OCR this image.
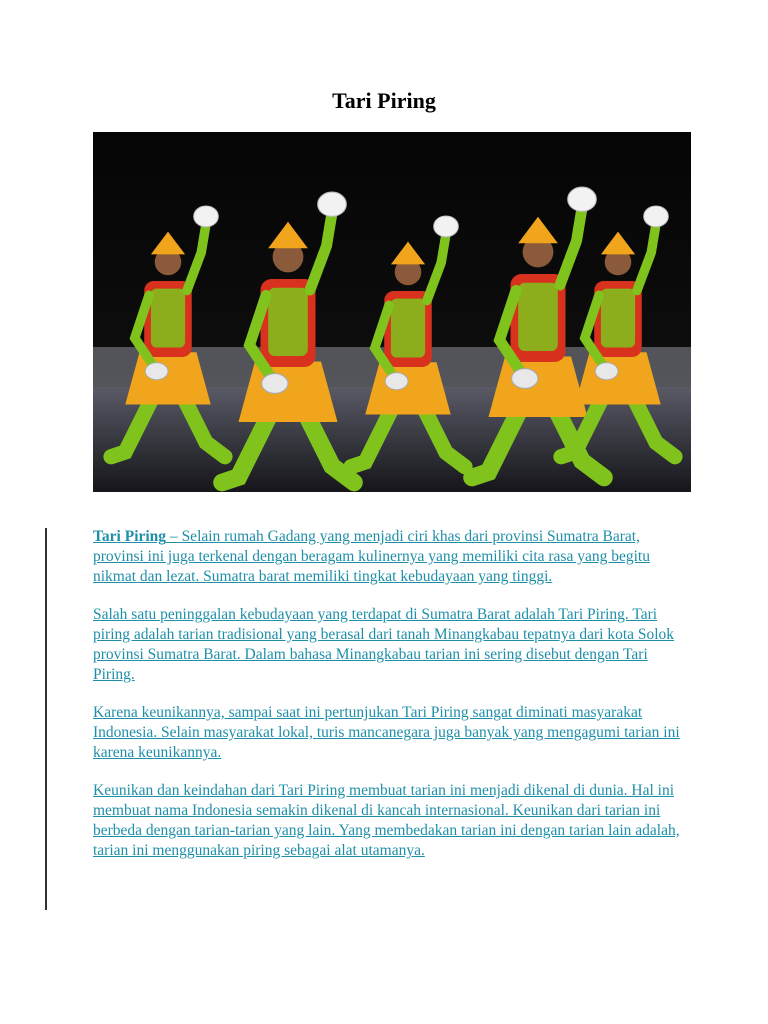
Tari Piring

Tari Piring – Selain rumah Gadang yang menjadi ciri khas dari provinsi Sumatra Barat, provinsi ini juga terkenal dengan beragam kulinernya yang memiliki cita rasa yang begitu nikmat dan lezat. Sumatra barat memiliki tingkat kebudayaan yang tinggi.

Salah satu peninggalan kebudayaan yang terdapat di Sumatra Barat adalah Tari Piring. Tari piring adalah tarian tradisional yang berasal dari tanah Minangkabau tepatnya dari kota Solok provinsi Sumatra Barat. Dalam bahasa Minangkabau tarian ini sering disebut dengan Tari Piring.

Karena keunikannya, sampai saat ini pertunjukan Tari Piring sangat diminati masyarakat Indonesia. Selain masyarakat lokal, turis mancanegara juga banyak yang mengagumi tarian ini karena keunikannya.

Keunikan dan keindahan dari Tari Piring membuat tarian ini menjadi dikenal di dunia. Hal ini membuat nama Indonesia semakin dikenal di kancah internasional. Keunikan dari tarian ini berbeda dengan tarian-tarian yang lain. Yang membedakan tarian ini dengan tarian lain adalah, tarian ini menggunakan piring sebagai alat utamanya.
